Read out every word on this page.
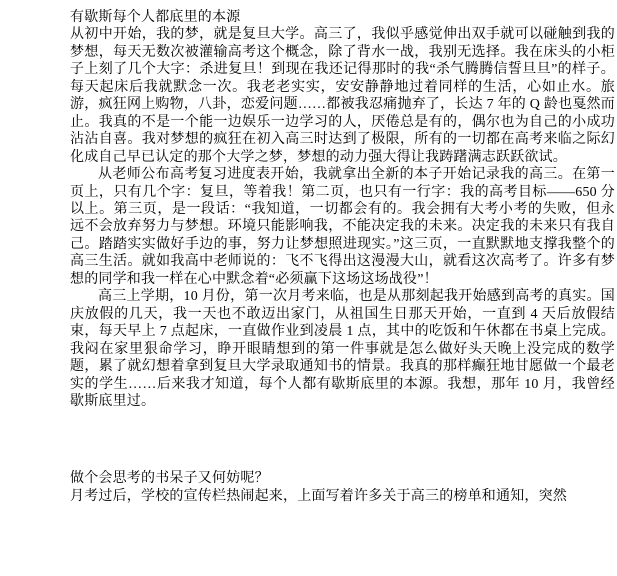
有歇斯每个人都底里的本源

从初中开始，我的梦，就是复旦大学。高三了，我似乎感觉伸出双手就可以碰触到我的梦想，每天无数次被灌输高考这个概念，除了背水一战，我别无选择。我在床头的小柜子上刻了几个大字：杀进复旦！到现在我还记得那时的我“杀气腾腾信誓旦旦”的样子。每天起床后我就默念一次。我老老实实，安安静静地过着同样的生活，心如止水。旅游，疯狂网上购物，八卦，恋爱问题……都被我忍痛抛弃了，长达 7 年的 Q 龄也戛然而止。我真的不是一个能一边娱乐一边学习的人，厌倦总是有的，偶尔也为自己的小成功沾沾自喜。我对梦想的疯狂在初入高三时达到了极限，所有的一切都在高考来临之际幻化成自己早已认定的那个大学之梦，梦想的动力强大得让我踌躇满志跃跃欲试。

从老师公布高考复习进度表开始，我就拿出全新的本子开始记录我的高三。在第一页上，只有几个字：复旦，等着我！第二页，也只有一行字：我的高考目标——650 分以上。第三页，是一段话：“我知道，一切都会有的。我会拥有大考小考的失败，但永远不会放弃努力与梦想。环境只能影响我，不能决定我的未来。决定我的未来只有我自己。踏踏实实做好手边的事，努力让梦想照进现实。”这三页，一直默默地支撑我整个的高三生活。就如我高中老师说的：飞不飞得出这漫漫大山，就看这次高考了。许多有梦想的同学和我一样在心中默念着“必须赢下这场这场战役”！

高三上学期，10 月份，第一次月考来临，也是从那刻起我开始感到高考的真实。国庆放假的几天，我一天也不敢迈出家门，从祖国生日那天开始，一直到 4 天后放假结束，每天早上 7 点起床，一直做作业到凌晨 1 点，其中的吃饭和午休都在书桌上完成。我闷在家里狠命学习，睁开眼睛想到的第一件事就是怎么做好头天晚上没完成的数学题，累了就幻想着拿到复旦大学录取通知书的情景。我真的那样癫狂地甘愿做一个最老实的学生……后来我才知道，每个人都有歇斯底里的本源。我想，那年 10 月，我曾经歇斯底里过。

做个会思考的书呆子又何妨呢？

月考过后，学校的宣传栏热闹起来，上面写着许多关于高三的榜单和通知，突然
